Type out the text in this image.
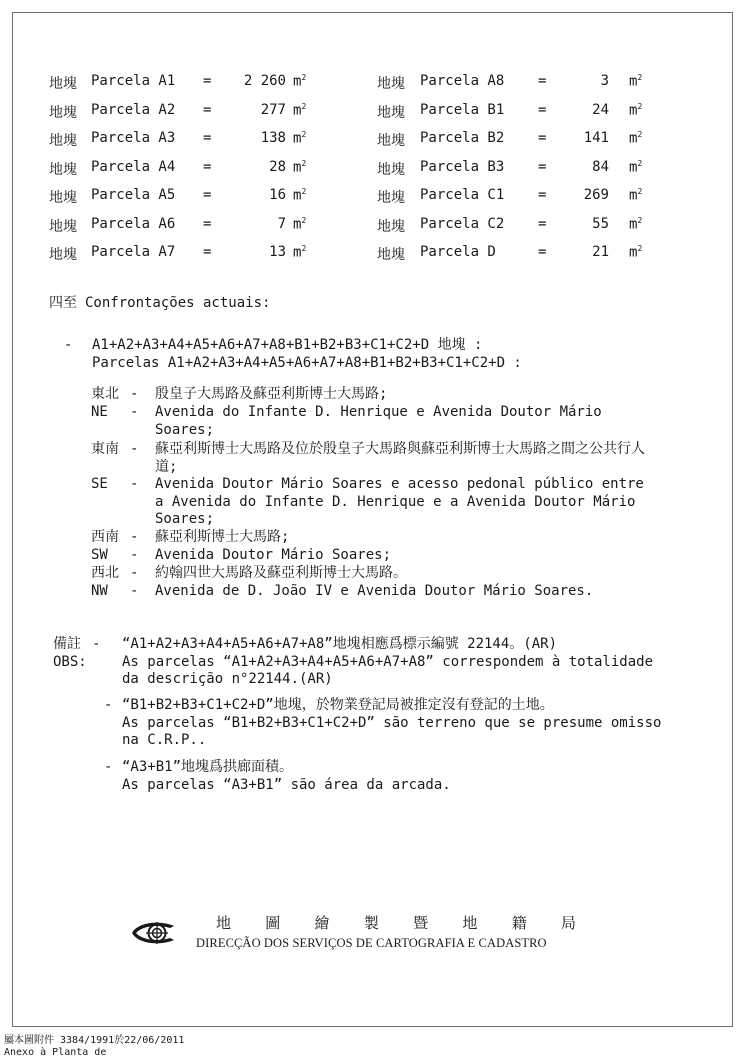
地塊 Parcela A1 = 2 260 $m^2$
地塊 Parcela A2 =	277 $m^2$
地塊 Parcela A3 =	138 $m^2$
地塊 Parcela A4 =	28 $m^2$
地塊 Parcela A5 =	16 $m^2$
地塊 Parcela A6 =	7 $m^2$
地塊 Parcela A7 =	13 $m^2$
地塊 Parcela A8 =	3 $m^2$
地塊 Parcela B1 =	24 $m^2$
地塊 Parcela B2 =	141 $m^2$
地塊 Parcela B3 =	84 $m^2$
地塊 Parcela C1 =	269 $m^2$
地塊 Parcela C2 =	55 $m^2$
地塊 Parcela D	=	21 $m^2$
四至 Confrontações actuais:
- A1+A2+A3+A4+A5+A6+A7+A8+B1+B2+B3+C1+C2+D 地塊 :
Parcelas A1+A2+A3+A4+A5+A6+A7+A8+B1+B2+B3+C1+C2+D :
東北 - 殷皇子大馬路及蘇亞利斯博士大馬路;
NE - Avenida do Infante D. Henrique e Avenida Doutor Mário Soares;
東南 - 蘇亞利斯博士大馬路及位於殷皇子大馬路與蘇亞利斯博士大馬路之間之公共行人道;
SE - Avenida Doutor Mário Soares e acesso pedonal público entre a Avenida do Infante D. Henrique e a Avenida Doutor Mário Soares;
西南 - 蘇亞利斯博士大馬路;
SW - Avenida Doutor Mário Soares;
西北 - 約翰四世大馬路及蘇亞利斯博士大馬路。
NW - Avenida de D. João IV e Avenida Doutor Mário Soares.
備註
OBS:
- “A1+A2+A3+A4+A5+A6+A7+A8”地塊相應爲標示編號 22144。(AR)
As parcelas “A1+A2+A3+A4+A5+A6+A7+A8” correspondem à totalidade da descrição n°22144.(AR)
- “B1+B2+B3+C1+C2+D”地塊，於物業登記局被推定沒有登記的土地。
As parcelas “B1+B2+B3+C1+C2+D” são terreno que se presume omisso na C.R.P..
- “A3+B1”地塊爲拱廊面積。
As parcelas “A3+B1” são área da arcada.
地 圖 繪 製 暨 地 籍 局
DIRECÇÃO DOS SERVIÇOS DE CARTOGRAFIA E CADASTRO
屬本圖附件 3384/1991於22/06/2011
Anexo à Planta de
